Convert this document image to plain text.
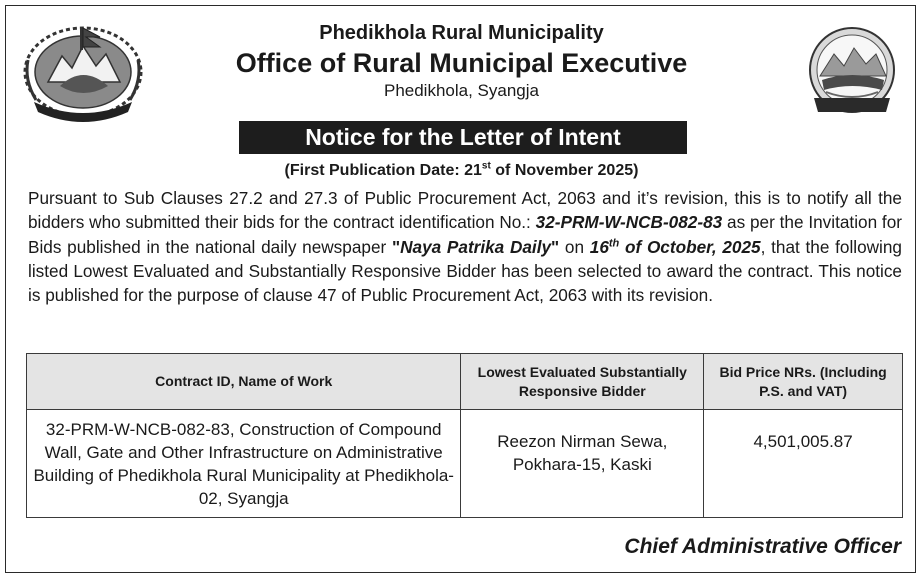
Phedikhola Rural Municipality

Office of Rural Municipal Executive

Phedikhola, Syangja

Notice for the Letter of Intent
(First Publication Date: 21st of November 2025)

Pursuant to Sub Clauses 27.2 and 27.3 of Public Procurement Act, 2063 and it’s revision, this is to notify all the bidders who submitted their bids for the contract identification No.: 32-PRM-W-NCB-082-83 as per the Invitation for Bids published in the national daily newspaper "Naya Patrika Daily" on 16th of October, 2025, that the following listed Lowest Evaluated and Substantially Responsive Bidder has been selected to award the contract. This notice is published for the purpose of clause 47 of Public Procurement Act, 2063 with its revision.

Contract ID, Name of Work	Lowest Evaluated Substantially Responsive Bidder	Bid Price NRs. (Including P.S. and VAT)
32-PRM-W-NCB-082-83, Construction of Compound Wall, Gate and Other Infrastructure on Administrative Building of Phedikhola Rural Municipality at Phedikhola-02, Syangja	Reezon Nirman Sewa, Pokhara-15, Kaski	4,501,005.87
Chief Administrative Officer
